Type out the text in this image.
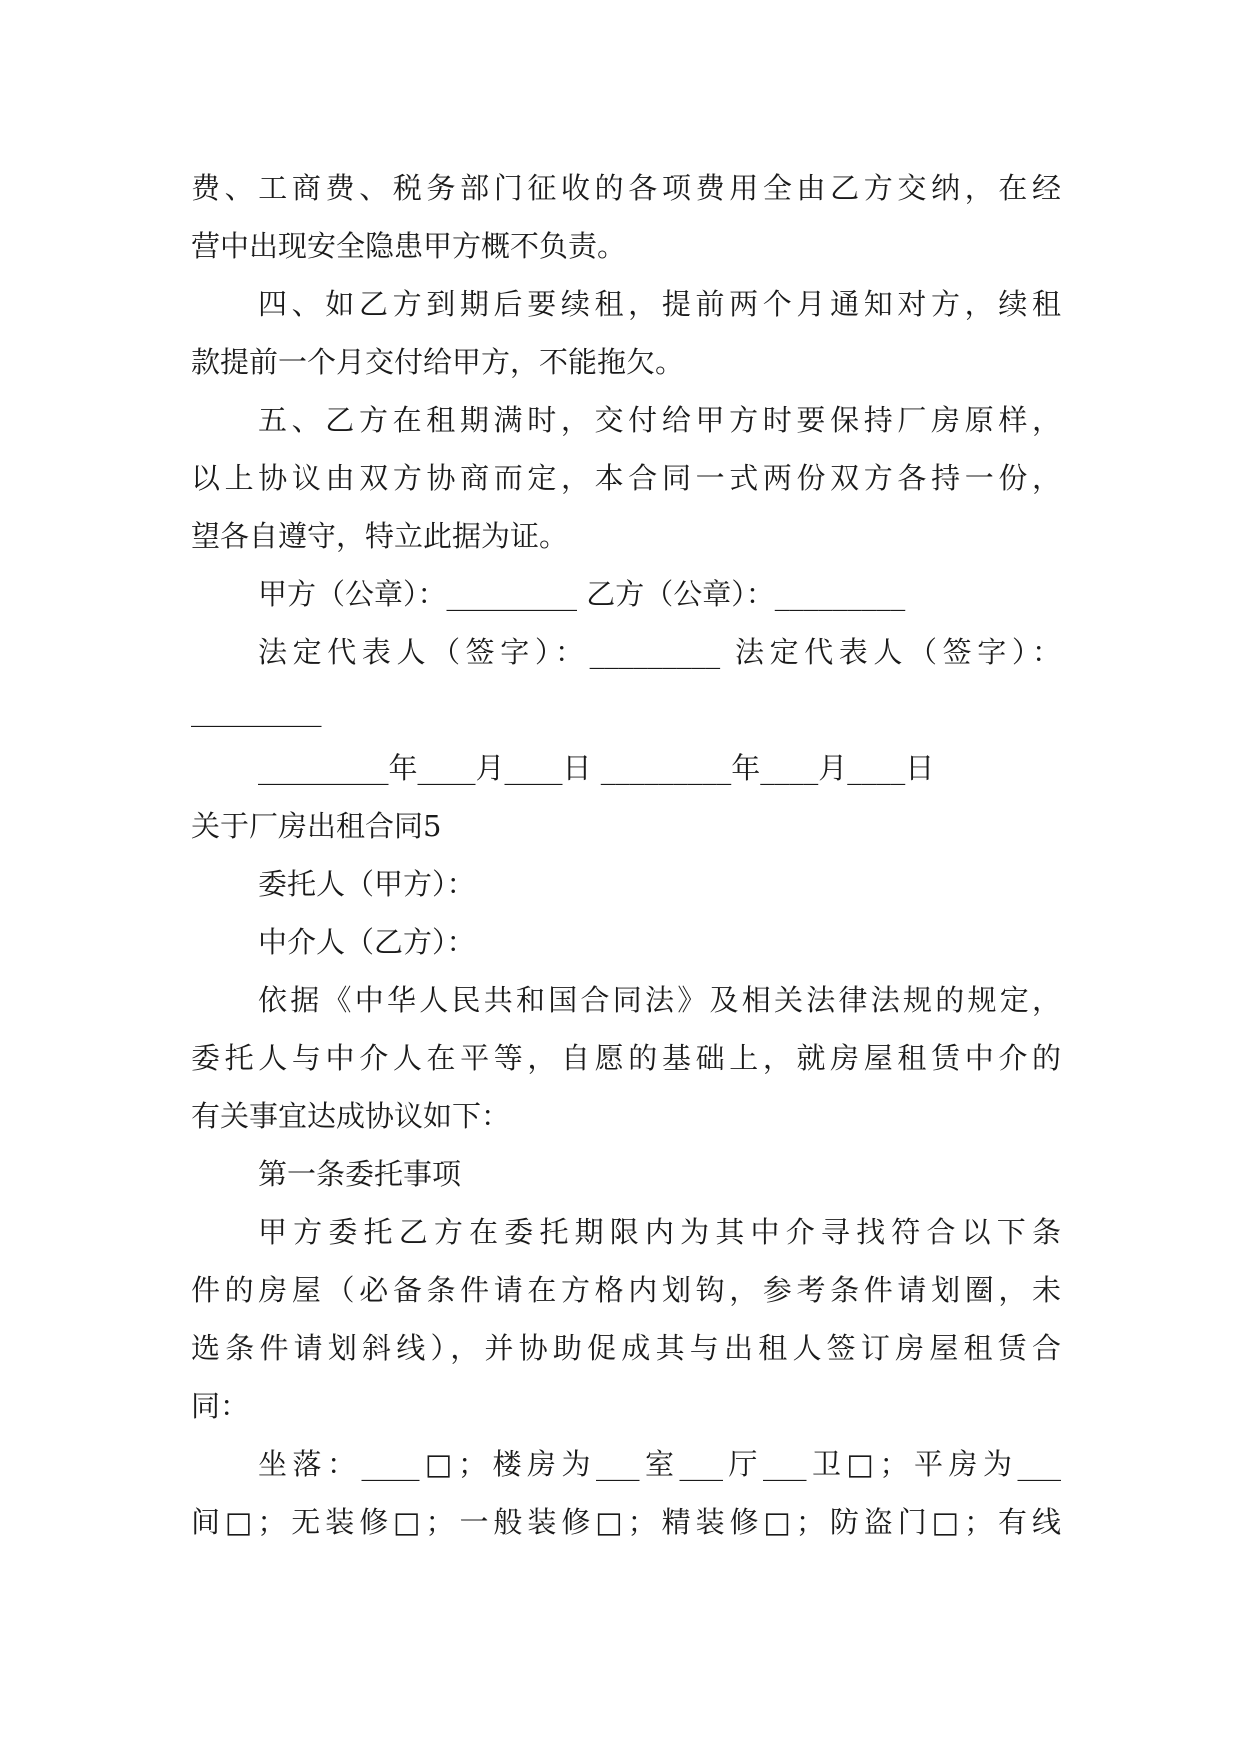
费、工商费、税务部门征收的各项费用全由乙方交纳，在经
营中出现安全隐患甲方概不负责。
四、如乙方到期后要续租，提前两个月通知对方，续租
款提前一个月交付给甲方，不能拖欠。
五、乙方在租期满时，交付给甲方时要保持厂房原样，
以上协议由双方协商而定，本合同一式两份双方各持一份，
望各自遵守，特立此据为证。
甲方（公章）：_________ 乙方（公章）：_________
法定代表人（签字）：_________ 法定代表人（签字）：
_________
_________年____月____日 _________年____月____日
关于厂房出租合同5
委托人（甲方）：
中介人（乙方）：
依据《中华人民共和国合同法》及相关法律法规的规定，
委托人与中介人在平等，自愿的基础上，就房屋租赁中介的
有关事宜达成协议如下：
第一条委托事项
甲方委托乙方在委托期限内为其中介寻找符合以下条
件的房屋（必备条件请在方格内划钩，参考条件请划圈，未
选条件请划斜线），并协助促成其与出租人签订房屋租赁合
同：
坐落：____□；楼房为___室___厅___卫□；平房为___
间□；无装修□；一般装修□；精装修□；防盗门□；有线
